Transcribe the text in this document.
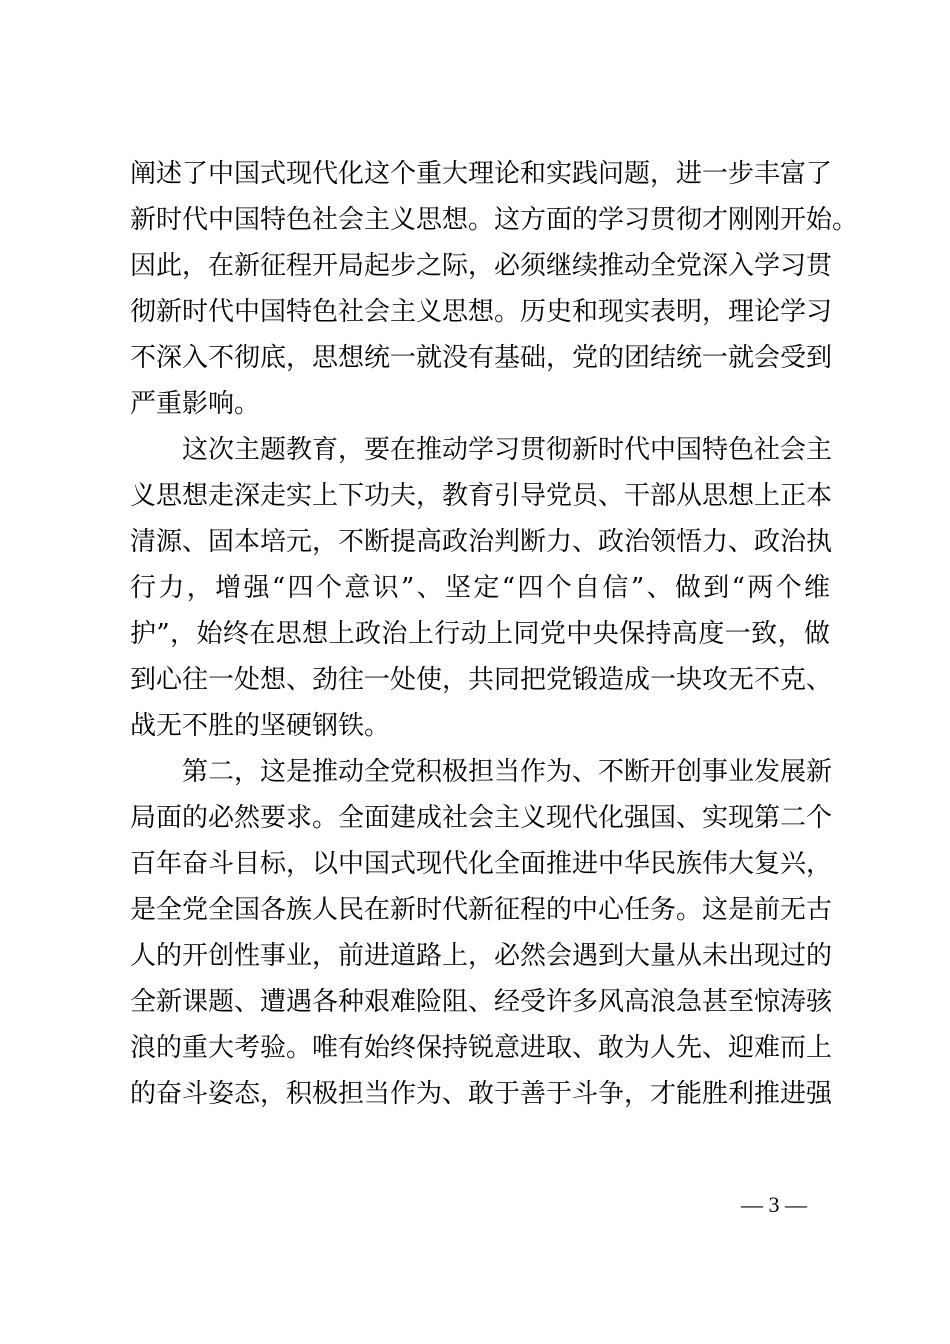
阐述了中国式现代化这个重大理论和实践问题，进一步丰富了
新时代中国特色社会主义思想。这方面的学习贯彻才刚刚开始。
因此，在新征程开局起步之际，必须继续推动全党深入学习贯
彻新时代中国特色社会主义思想。历史和现实表明，理论学习
不深入不彻底，思想统一就没有基础，党的团结统一就会受到
严重影响。
这次主题教育，要在推动学习贯彻新时代中国特色社会主
义思想走深走实上下功夫，教育引导党员、干部从思想上正本
清源、固本培元，不断提高政治判断力、政治领悟力、政治执
行力，增强“四个意识”、坚定“四个自信”、做到“两个维
护”，始终在思想上政治上行动上同党中央保持高度一致，做
到心往一处想、劲往一处使，共同把党锻造成一块攻无不克、
战无不胜的坚硬钢铁。
第二，这是推动全党积极担当作为、不断开创事业发展新
局面的必然要求。全面建成社会主义现代化强国、实现第二个
百年奋斗目标，以中国式现代化全面推进中华民族伟大复兴，
是全党全国各族人民在新时代新征程的中心任务。这是前无古
人的开创性事业，前进道路上，必然会遇到大量从未出现过的
全新课题、遭遇各种艰难险阻、经受许多风高浪急甚至惊涛骇
浪的重大考验。唯有始终保持锐意进取、敢为人先、迎难而上
的奋斗姿态，积极担当作为、敢于善于斗争，才能胜利推进强
— 3 —
